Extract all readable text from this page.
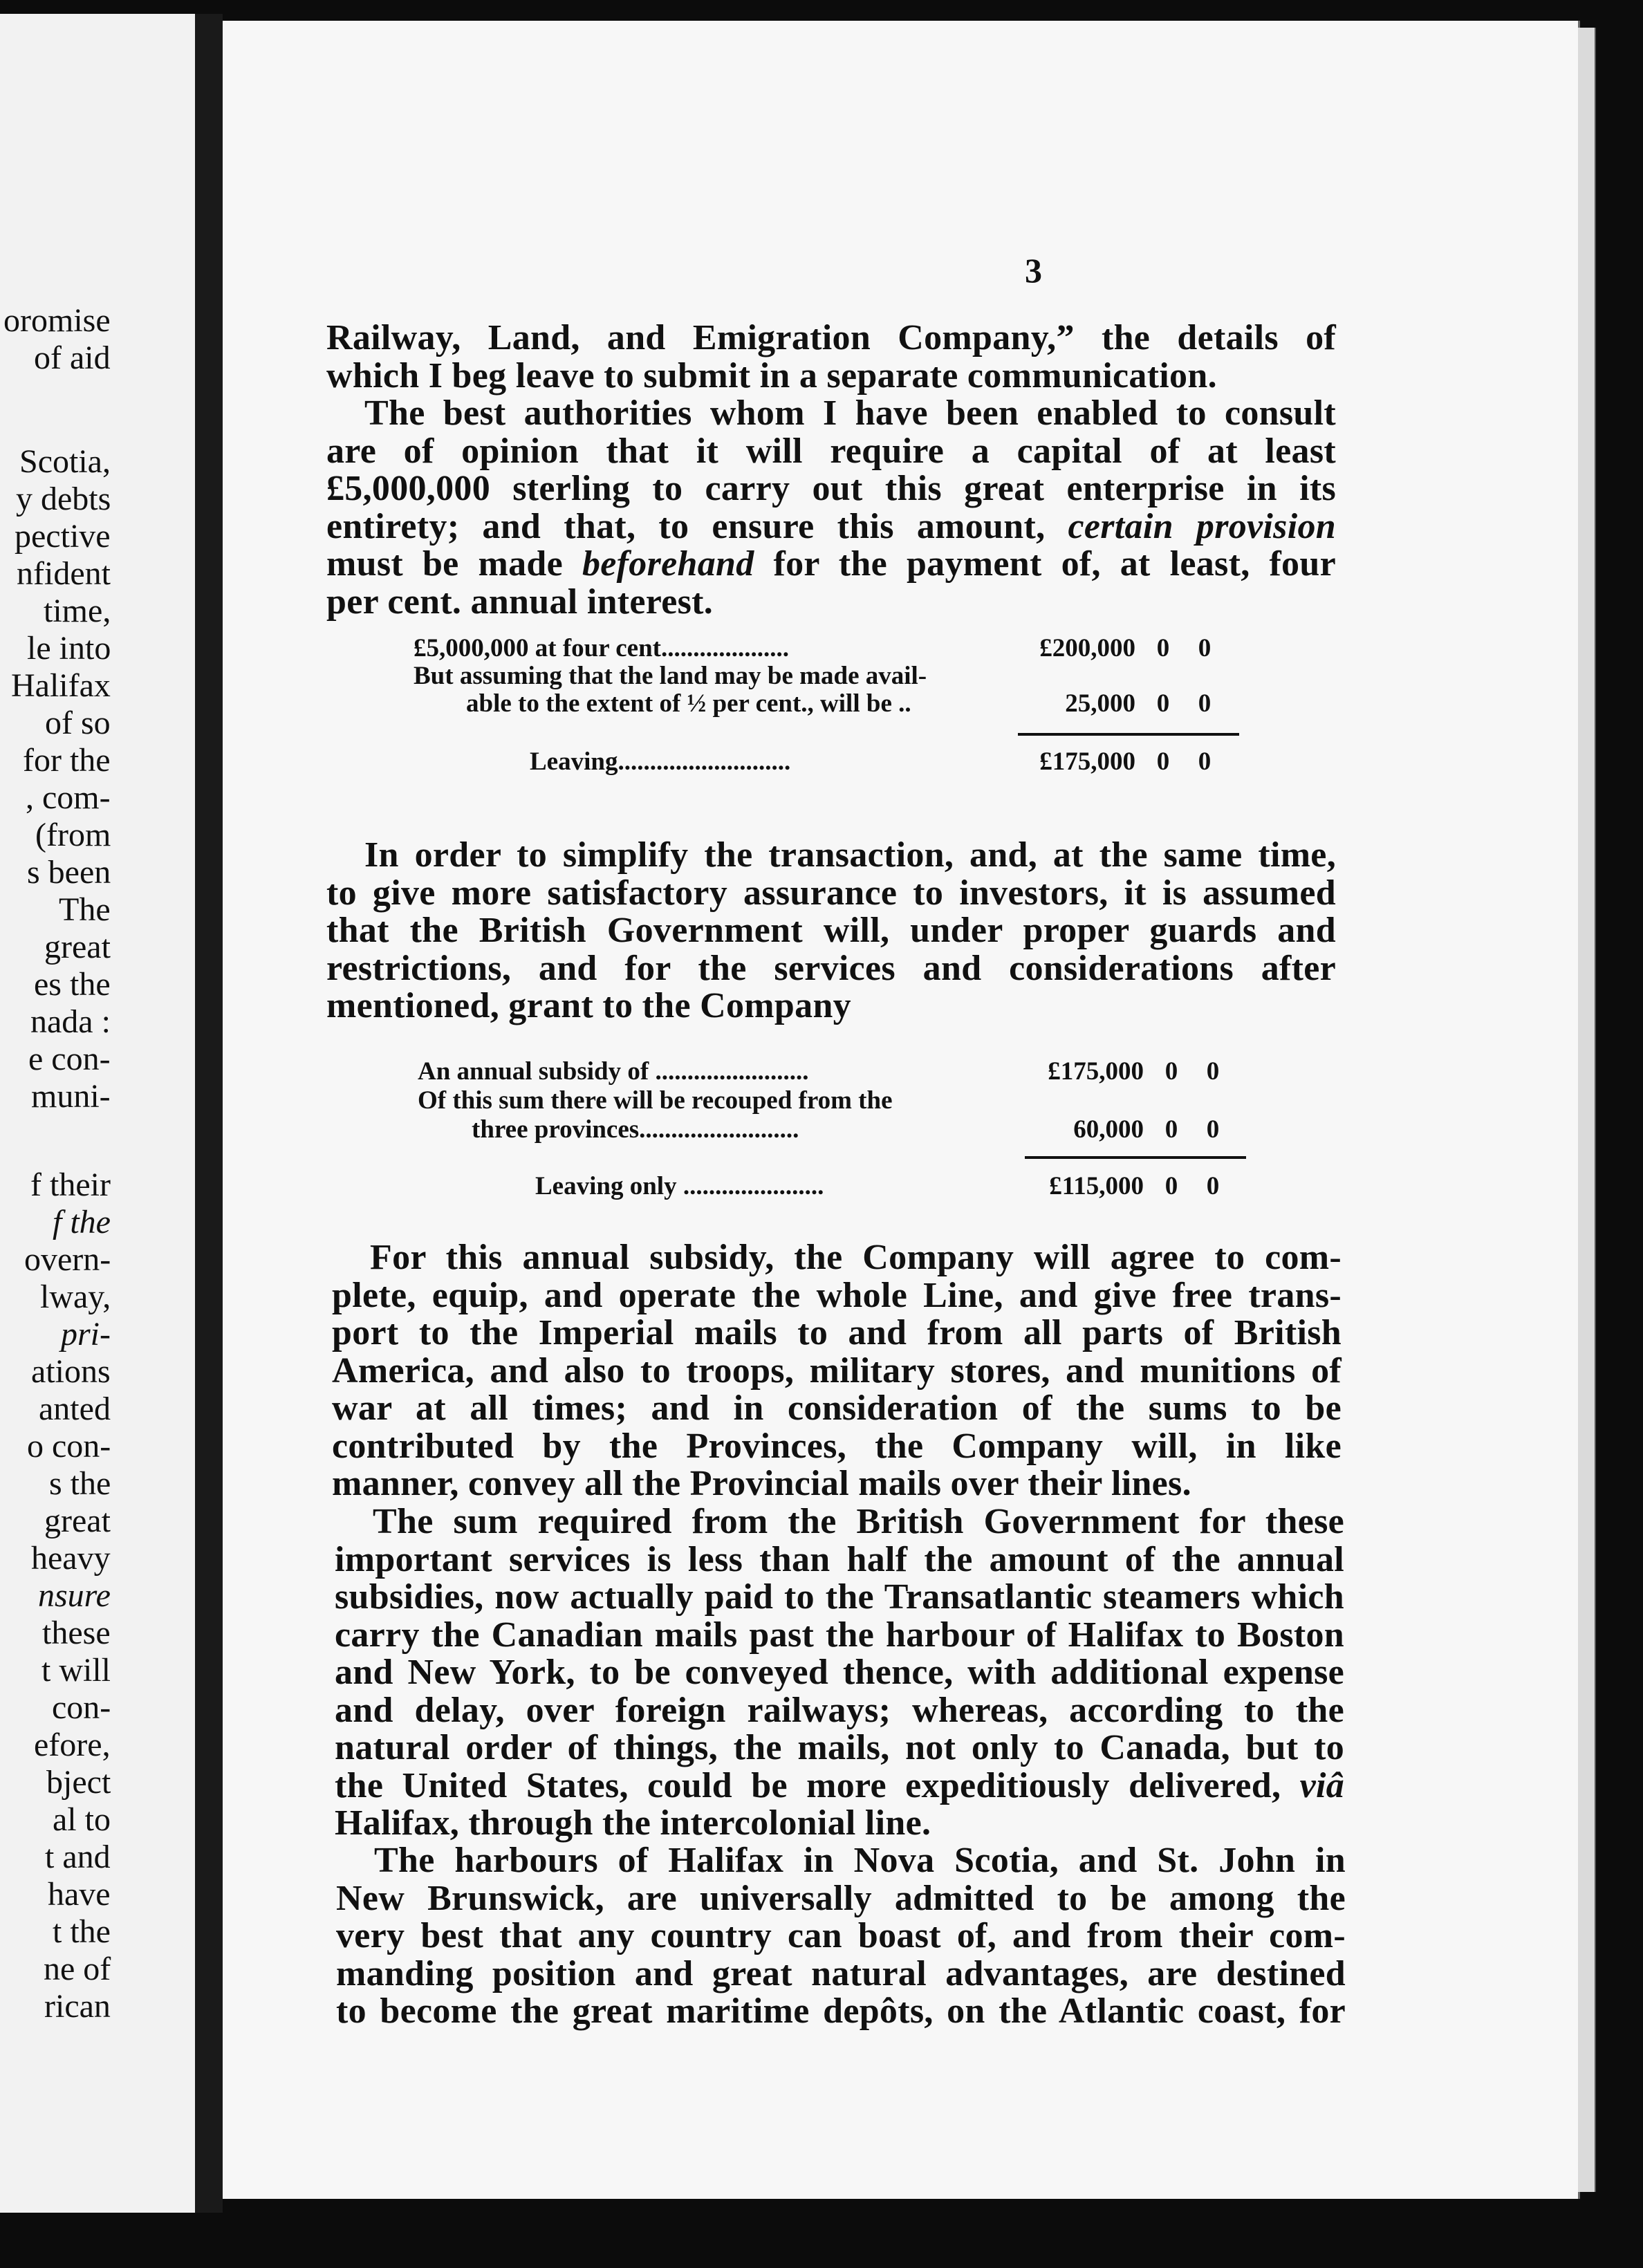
oromise
of aid
Scotia,
y debts
pective
nfident
time,
le into
Halifax
of so
for the
, com-
(from
s been
The
great
es the
nada :
e con-
muni-
f their
f the
overn-
lway,
pri-
ations
anted
o con-
s the
great
heavy
nsure
these
t will
con-
efore,
bject
al to
t and
have
t the
ne of
rican
3
Railway, Land, and Emigration Company,” the details of
which I beg leave to submit in a separate communication.
The best authorities whom I have been enabled to consult
are of opinion that it will require a capital of at least
£5,000,000 sterling to carry out this great enterprise in its
entirety; and that, to ensure this amount, certain provision
must be made beforehand for the payment of, at least, four
per cent. annual interest.
£5,000,000 at four cent....................	£200,000 0 0
But assuming that the land may be made avail-
able to the extent of ½ per cent., will be ..	25,000 0 0
Leaving...........................	£175,000 0 0
In order to simplify the transaction, and, at the same time,
to give more satisfactory assurance to investors, it is assumed
that the British Government will, under proper guards and
restrictions, and for the services and considerations after
mentioned, grant to the Company
An annual subsidy of ........................	£175,000 0 0
Of this sum there will be recouped from the
three provinces.........................	60,000 0 0
Leaving only ......................	£115,000 0 0
For this annual subsidy, the Company will agree to com-
plete, equip, and operate the whole Line, and give free trans-
port to the Imperial mails to and from all parts of British
America, and also to troops, military stores, and munitions of
war at all times; and in consideration of the sums to be
contributed by the Provinces, the Company will, in like
manner, convey all the Provincial mails over their lines.
The sum required from the British Government for these
important services is less than half the amount of the annual
subsidies, now actually paid to the Transatlantic steamers which
carry the Canadian mails past the harbour of Halifax to Boston
and New York, to be conveyed thence, with additional expense
and delay, over foreign railways; whereas, according to the
natural order of things, the mails, not only to Canada, but to
the United States, could be more expeditiously delivered, viâ
Halifax, through the intercolonial line.
The harbours of Halifax in Nova Scotia, and St. John in
New Brunswick, are universally admitted to be among the
very best that any country can boast of, and from their com-
manding position and great natural advantages, are destined
to become the great maritime depôts, on the Atlantic coast, for
